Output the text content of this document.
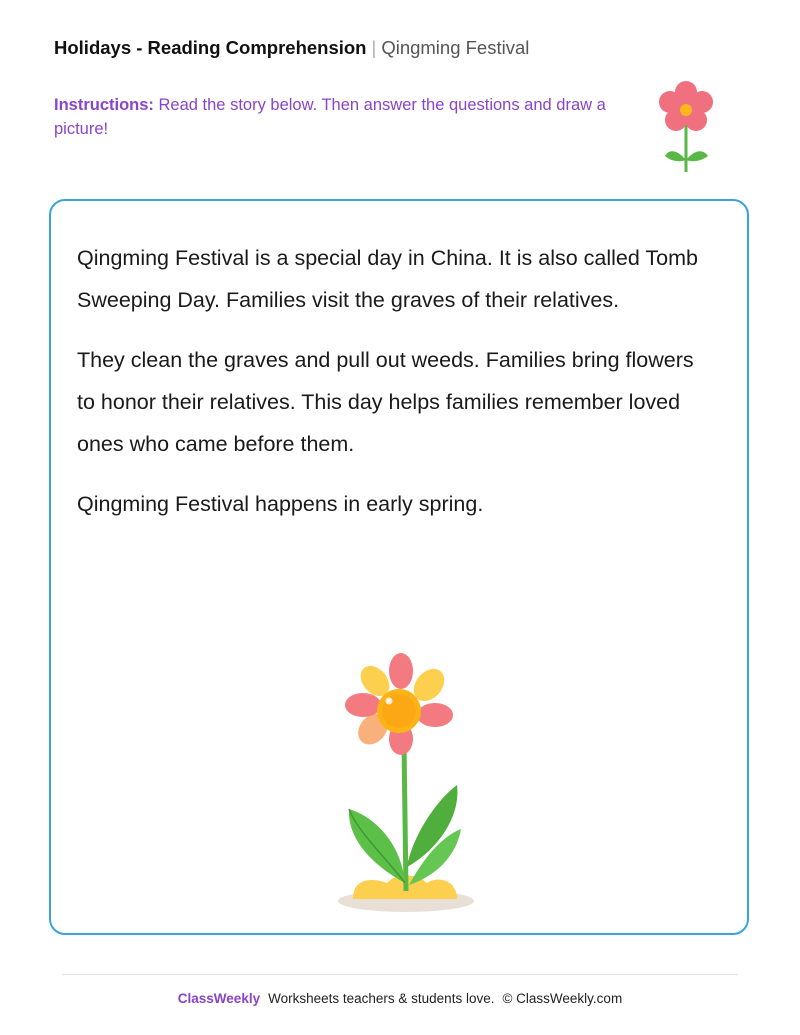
Holidays - Reading Comprehension | Qingming Festival
Instructions: Read the story below. Then answer the questions and draw a picture!

Qingming Festival is a special day in China. It is also called Tomb Sweeping Day. Families visit the graves of their relatives.

They clean the graves and pull out weeds. Families bring flowers to honor their relatives. This day helps families remember loved ones who came before them.

Qingming Festival happens in early spring.

ClassWeekly Worksheets teachers & students love. © ClassWeekly.com
